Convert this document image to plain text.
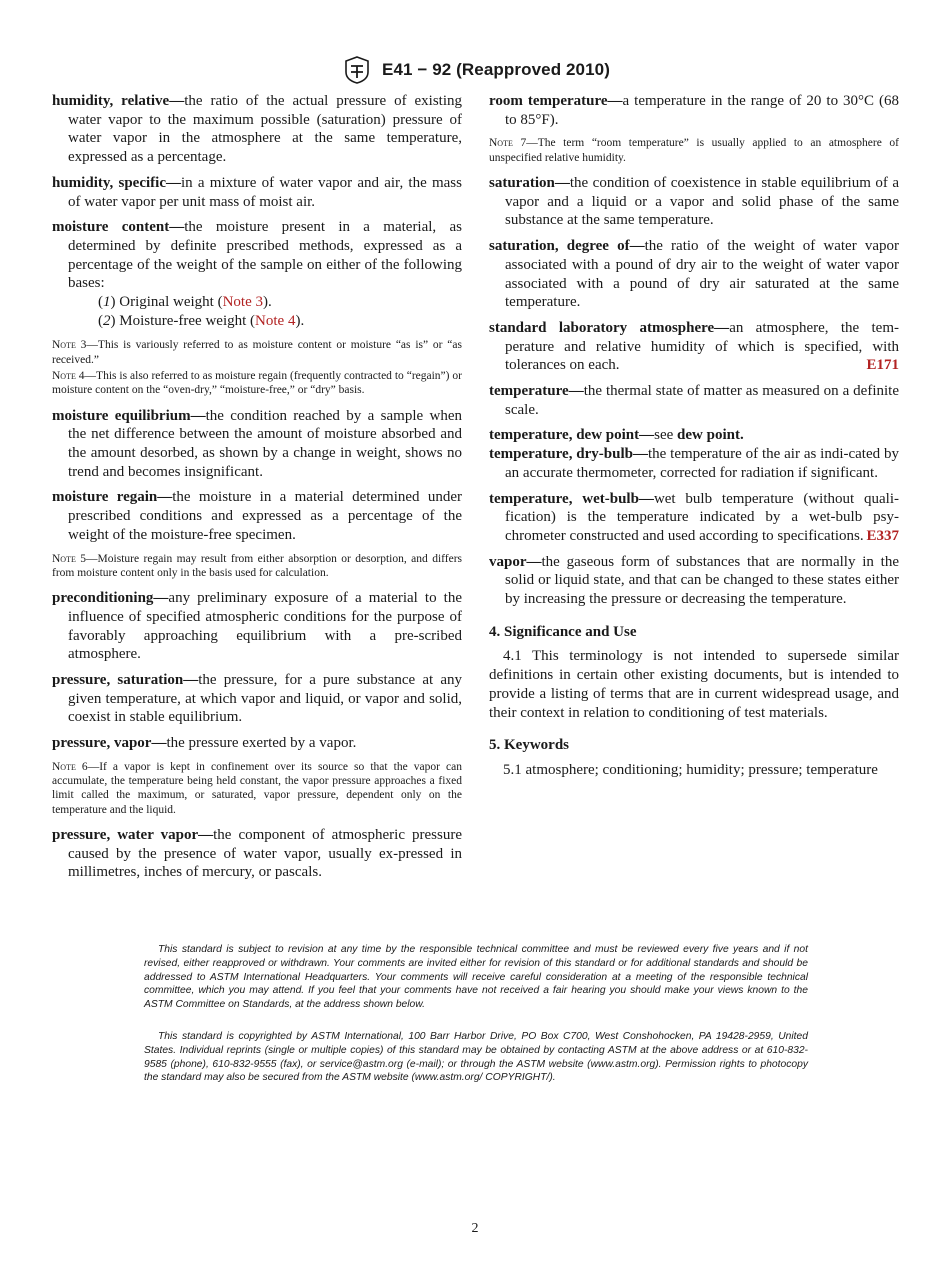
E41 − 92 (Reapproved 2010)

humidity, relative—the ratio of the actual pressure of existing water vapor to the maximum possible (saturation) pressure of water vapor in the atmosphere at the same temperature, expressed as a percentage.

humidity, specific—in a mixture of water vapor and air, the mass of water vapor per unit mass of moist air.

moisture content—the moisture present in a material, as determined by definite prescribed methods, expressed as a percentage of the weight of the sample on either of the following bases:

(1) Original weight (Note 3).

(2) Moisture-free weight (Note 4).

Note 3—This is variously referred to as moisture content or moisture “as is” or “as received.”

Note 4—This is also referred to as moisture regain (frequently contracted to “regain”) or moisture content on the “oven-dry,” “moisture-free,” or “dry” basis.

moisture equilibrium—the condition reached by a sample when the net difference between the amount of moisture absorbed and the amount desorbed, as shown by a change in weight, shows no trend and becomes insignificant.

moisture regain—the moisture in a material determined under prescribed conditions and expressed as a percentage of the weight of the moisture-free specimen.

Note 5—Moisture regain may result from either absorption or desorption, and differs from moisture content only in the basis used for calculation.

preconditioning—any preliminary exposure of a material to the influence of specified atmospheric conditions for the purpose of favorably approaching equilibrium with a pre-scribed atmosphere.

pressure, saturation—the pressure, for a pure substance at any given temperature, at which vapor and liquid, or vapor and solid, coexist in stable equilibrium.

pressure, vapor—the pressure exerted by a vapor.

Note 6—If a vapor is kept in confinement over its source so that the vapor can accumulate, the temperature being held constant, the vapor pressure approaches a fixed limit called the maximum, or saturated, vapor pressure, dependent only on the temperature and the liquid.

pressure, water vapor—the component of atmospheric pressure caused by the presence of water vapor, usually ex-pressed in millimetres, inches of mercury, or pascals.

room temperature—a temperature in the range of 20 to 30°C (68 to 85°F).

Note 7—The term “room temperature” is usually applied to an atmosphere of unspecified relative humidity.

saturation—the condition of coexistence in stable equilibrium of a vapor and a liquid or a vapor and solid phase of the same substance at the same temperature.

saturation, degree of—the ratio of the weight of water vapor associated with a pound of dry air to the weight of water vapor associated with a pound of dry air saturated at the same temperature.

standard laboratory atmosphere—an atmosphere, the tem-perature and relative humidity of which is specified, with tolerances on each.	E171

temperature—the thermal state of matter as measured on a definite scale.

temperature, dew point—see dew point.

temperature, dry-bulb—the temperature of the air as indi-cated by an accurate thermometer, corrected for radiation if significant.

temperature, wet-bulb—wet bulb temperature (without quali-fication) is the temperature indicated by a wet-bulb psy-chrometer constructed and used according to specifications. E337

vapor—the gaseous form of substances that are normally in the solid or liquid state, and that can be changed to these states either by increasing the pressure or decreasing the temperature.

4. Significance and Use

4.1 This terminology is not intended to supersede similar definitions in certain other existing documents, but is intended to provide a listing of terms that are in current widespread usage, and their context in relation to conditioning of test materials.

5. Keywords

5.1 atmosphere; conditioning; humidity; pressure; temperature

This standard is subject to revision at any time by the responsible technical committee and must be reviewed every five years and if not revised, either reapproved or withdrawn. Your comments are invited either for revision of this standard or for additional standards and should be addressed to ASTM International Headquarters. Your comments will receive careful consideration at a meeting of the responsible technical committee, which you may attend. If you feel that your comments have not received a fair hearing you should make your views known to the ASTM Committee on Standards, at the address shown below.

This standard is copyrighted by ASTM International, 100 Barr Harbor Drive, PO Box C700, West Conshohocken, PA 19428-2959, United States. Individual reprints (single or multiple copies) of this standard may be obtained by contacting ASTM at the above address or at 610-832-9585 (phone), 610-832-9555 (fax), or service@astm.org (e-mail); or through the ASTM website (www.astm.org). Permission rights to photocopy the standard may also be secured from the ASTM website (www.astm.org/ COPYRIGHT/).

2
